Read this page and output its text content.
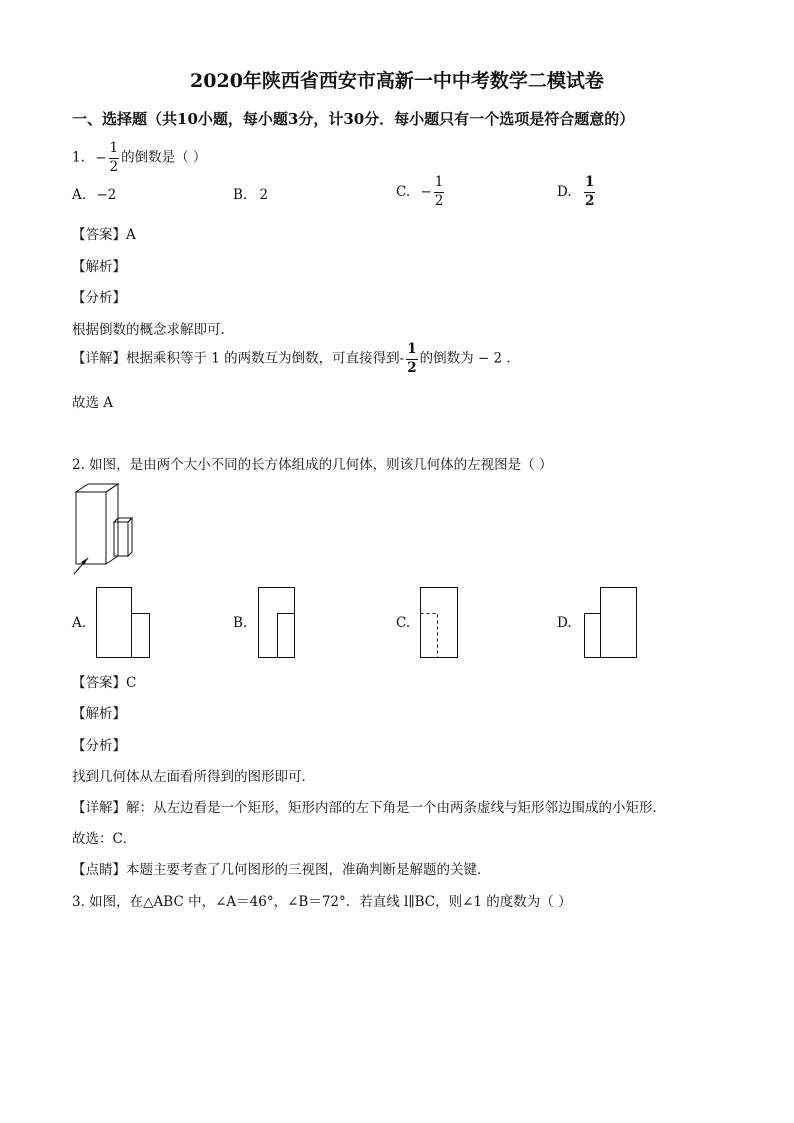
2020年陕西省西安市高新一中中考数学二模试卷
一、选择题（共10小题，每小题3分，计30分．每小题只有一个选项是符合题意的）
1. − $\frac{1}{2}$ 的倒数是（ ）
A. −2	B. 2	C. − $\frac{1}{2}$	D. $\frac{1}{2}$
【答案】A
【解析】
【分析】
根据倒数的概念求解即可.
【详解】根据乘积等于 1 的两数互为倒数，可直接得到- $\frac{1}{2}$ 的倒数为 − 2 .
故选 A
2. 如图，是由两个大小不同的长方体组成的几何体，则该几何体的左视图是（ ）
A.	B.	C.	D.
【答案】C
【解析】
【分析】
找到几何体从左面看所得到的图形即可．
【详解】解：从左边看是一个矩形，矩形内部的左下角是一个由两条虚线与矩形邻边围成的小矩形．
故选：C．
【点睛】本题主要考查了几何图形的三视图，准确判断是解题的关键．
3. 如图，在△ABC 中，∠A＝46°，∠B＝72°．若直线 l∥BC，则∠1 的度数为（ ）
